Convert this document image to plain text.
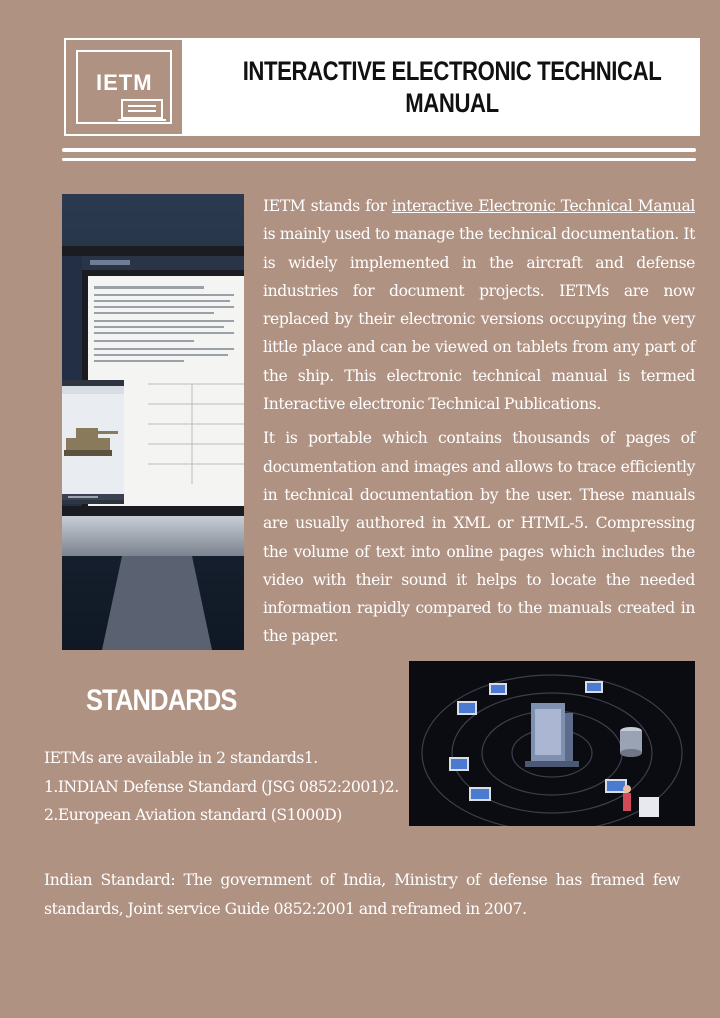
IETM	INTERACTIVE ELECTRONIC TECHNICAL
MANUAL

IETM stands for interactive Electronic Technical Manual is mainly used to manage the technical documentation. It is widely implemented in the aircraft and defense industries for document projects. IETMs are now replaced by their electronic versions occupying the very little place and can be viewed on tablets from any part of the ship. This electronic technical manual is termed Interactive electronic Technical Publications.

It is portable which contains thousands of pages of documentation and images and allows to trace efficiently in technical documentation by the user. These manuals are usually authored in XML or HTML-5. Compressing the volume of text into online pages which includes the video with their sound it helps to locate the needed information rapidly compared to the manuals created in the paper.

STANDARDS
IETMs are available in 2 standards1.
1.INDIAN Defense Standard (JSG 0852:2001)2.
2.European Aviation standard (S1000D)
Indian Standard: The government of India, Ministry of defense has framed few standards, Joint service Guide 0852:2001 and reframed in 2007.
